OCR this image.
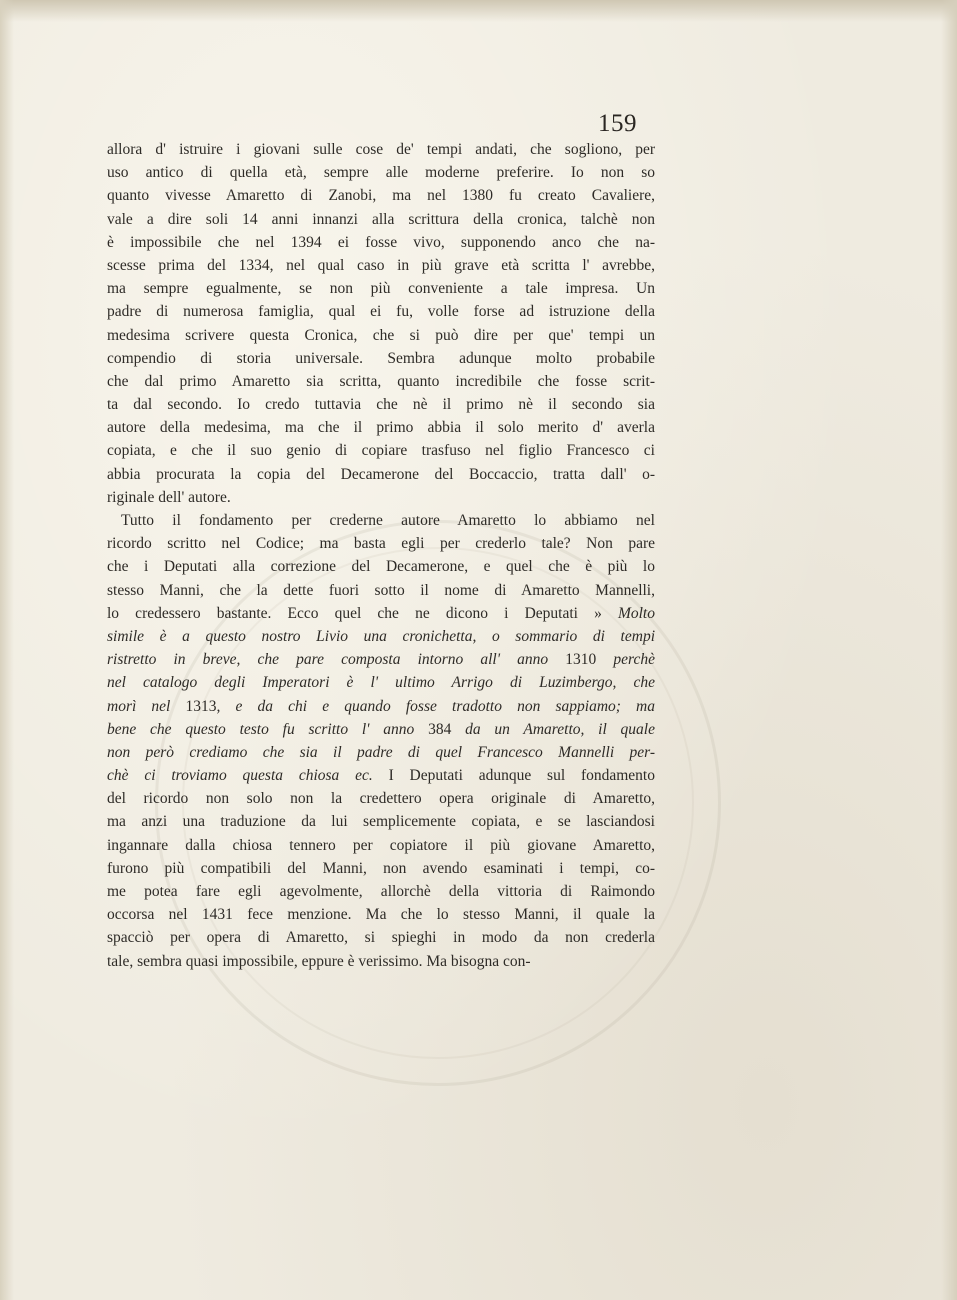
159
allora d' istruire i giovani sulle cose de' tempi andati, che sogliono, per
uso antico di quella età, sempre alle moderne preferire. Io non so
quanto vivesse Amaretto di Zanobi, ma nel 1380 fu creato Cavaliere,
vale a dire soli 14 anni innanzi alla scrittura della cronica, talchè non
è impossibile che nel 1394 ei fosse vivo, supponendo anco che na-
scesse prima del 1334, nel qual caso in più grave età scritta l' avrebbe,
ma sempre egualmente, se non più conveniente a tale impresa. Un
padre di numerosa famiglia, qual ei fu, volle forse ad istruzione della
medesima scrivere questa Cronica, che si può dire per que' tempi un
compendio di storia universale. Sembra adunque molto probabile
che dal primo Amaretto sia scritta, quanto incredibile che fosse scrit-
ta dal secondo. Io credo tuttavia che nè il primo nè il secondo sia
autore della medesima, ma che il primo abbia il solo merito d' averla
copiata, e che il suo genio di copiare trasfuso nel figlio Francesco ci
abbia procurata la copia del Decamerone del Boccaccio, tratta dall' o-
riginale dell' autore.
Tutto il fondamento per crederne autore Amaretto lo abbiamo nel
ricordo scritto nel Codice; ma basta egli per crederlo tale? Non pare
che i Deputati alla correzione del Decamerone, e quel che è più lo
stesso Manni, che la dette fuori sotto il nome di Amaretto Mannelli,
lo credessero bastante. Ecco quel che ne dicono i Deputati » Molto
simile è a questo nostro Livio una cronichetta, o sommario di tempi
ristretto in breve, che pare composta intorno all' anno 1310 perchè
nel catalogo degli Imperatori è l' ultimo Arrigo di Luzimbergo, che
morì nel 1313, e da chi e quando fosse tradotto non sappiamo; ma
bene che questo testo fu scritto l' anno 384 da un Amaretto, il quale
non però crediamo che sia il padre di quel Francesco Mannelli per-
chè ci troviamo questa chiosa ec. I Deputati adunque sul fondamento
del ricordo non solo non la credettero opera originale di Amaretto,
ma anzi una traduzione da lui semplicemente copiata, e se lasciandosi
ingannare dalla chiosa tennero per copiatore il più giovane Amaretto,
furono più compatibili del Manni, non avendo esaminati i tempi, co-
me potea fare egli agevolmente, allorchè della vittoria di Raimondo
occorsa nel 1431 fece menzione. Ma che lo stesso Manni, il quale la
spacciò per opera di Amaretto, si spieghi in modo da non crederla
tale, sembra quasi impossibile, eppure è verissimo. Ma bisogna con-
